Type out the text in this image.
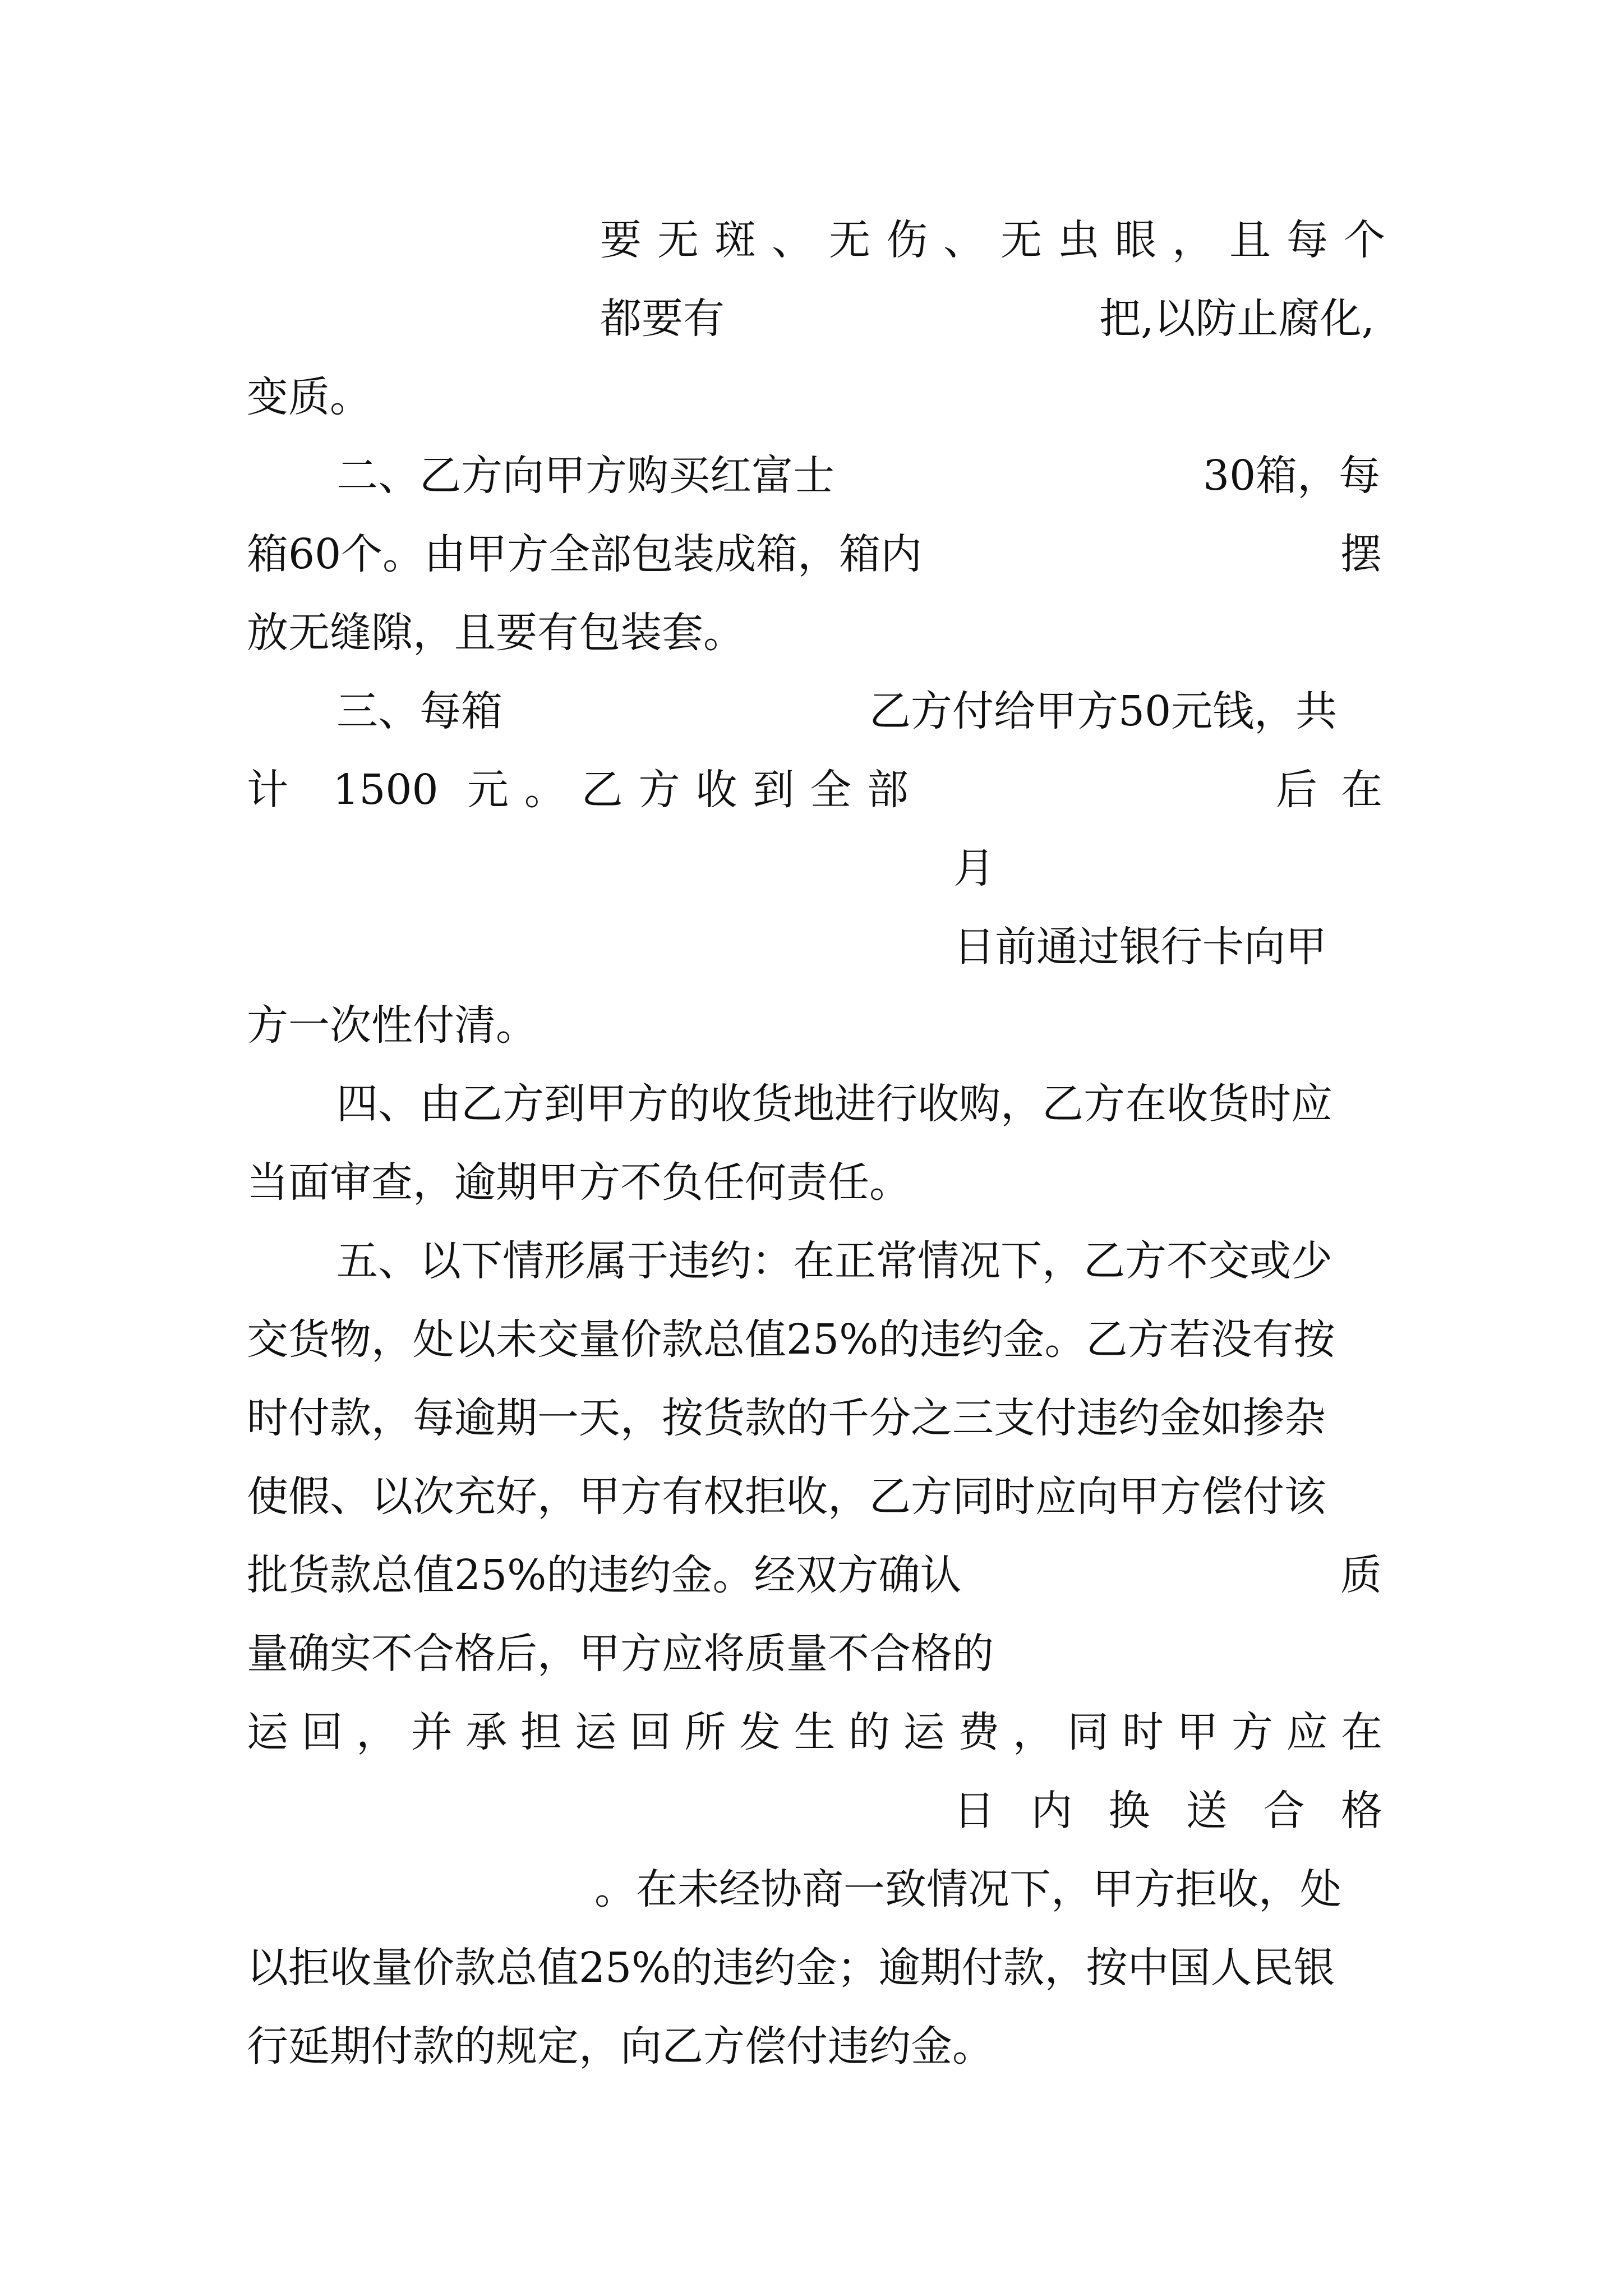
要无斑、无伤、无虫眼，且每个
都要有	把,以防止腐化,
变质。
二、乙方向甲方购买红富士	30箱，每
箱60个。由甲方全部包装成箱，箱内	摆
放无缝隙，且要有包装套。
三、每箱	乙方付给甲方50元钱，共
计 1500 元。乙方收到全部	后在
月
日前通过银行卡向甲
方一次性付清。
四、由乙方到甲方的收货地进行收购，乙方在收货时应
当面审查，逾期甲方不负任何责任。
五、以下情形属于违约：在正常情况下，乙方不交或少
交货物，处以未交量价款总值25%的违约金。乙方若没有按
时付款，每逾期一天，按货款的千分之三支付违约金如掺杂
使假、以次充好，甲方有权拒收，乙方同时应向甲方偿付该
批货款总值25%的违约金。经双方确认	质
量确实不合格后，甲方应将质量不合格的
运回，并承担运回所发生的运费，同时甲方应在
日内换送合格
。在未经协商一致情况下，甲方拒收，处
以拒收量价款总值25%的违约金；逾期付款，按中国人民银
行延期付款的规定，向乙方偿付违约金。
